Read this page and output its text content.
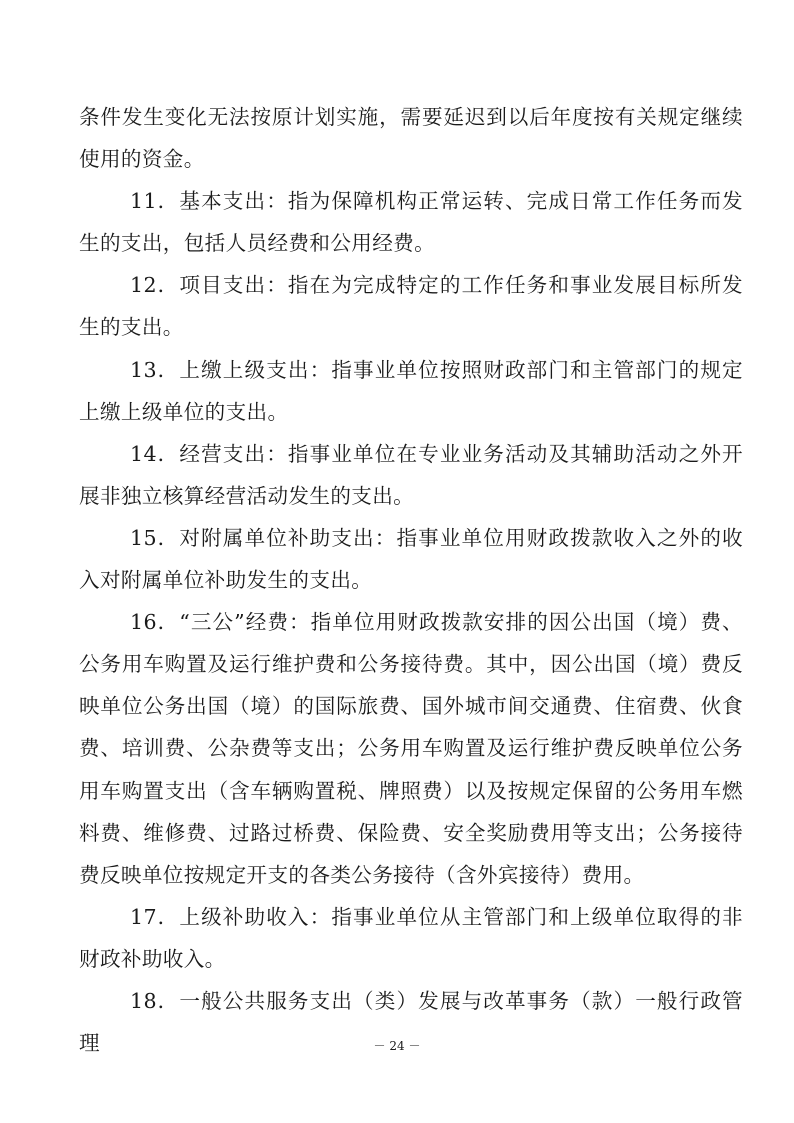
条件发生变化无法按原计划实施，需要延迟到以后年度按有关规定继续使用的资金。

11．基本支出：指为保障机构正常运转、完成日常工作任务而发生的支出，包括人员经费和公用经费。

12．项目支出：指在为完成特定的工作任务和事业发展目标所发生的支出。

13．上缴上级支出：指事业单位按照财政部门和主管部门的规定上缴上级单位的支出。

14．经营支出：指事业单位在专业业务活动及其辅助活动之外开展非独立核算经营活动发生的支出。

15．对附属单位补助支出：指事业单位用财政拨款收入之外的收入对附属单位补助发生的支出。

16．“三公”经费：指单位用财政拨款安排的因公出国（境）费、公务用车购置及运行维护费和公务接待费。其中，因公出国（境）费反映单位公务出国（境）的国际旅费、国外城市间交通费、住宿费、伙食费、培训费、公杂费等支出；公务用车购置及运行维护费反映单位公务用车购置支出（含车辆购置税、牌照费）以及按规定保留的公务用车燃料费、维修费、过路过桥费、保险费、安全奖励费用等支出；公务接待费反映单位按规定开支的各类公务接待（含外宾接待）费用。

17．上级补助收入：指事业单位从主管部门和上级单位取得的非财政补助收入。

18．一般公共服务支出（类）发展与改革事务（款）一般行政管理	－ 24 －
